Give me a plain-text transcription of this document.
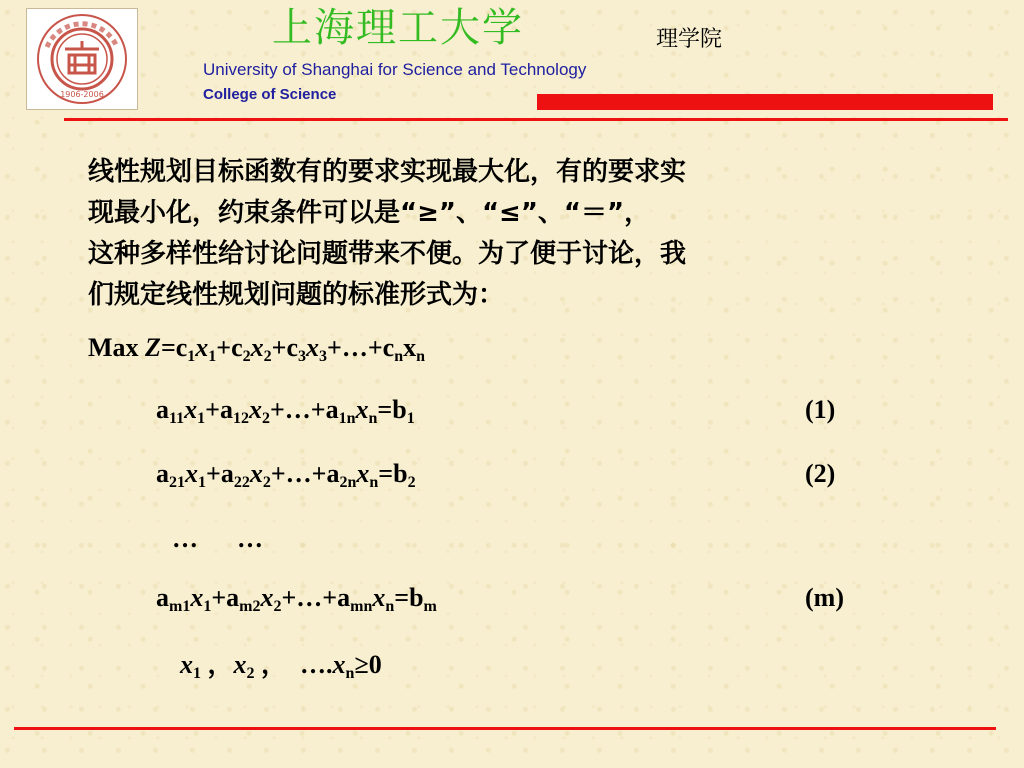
1906-2006
上海理工大学	理学院
University of Shanghai for Science and Technology
College of Science
线性规划目标函数有的要求实现最大化，有的要求实
现最小化，约束条件可以是“≥”、“≤”、“＝”，
这种多样性给讨论问题带来不便。为了便于讨论，我
们规定线性规划问题的标准形式为：
Max $Z=c_1x_1+c_2x_2+c_3x_3+\dots+c_nx_n$
$a_{11}x_1+a_{12}x_2+\dots+a_{1n}x_n=b_1$	(1)
$a_{21}x_1+a_{22}x_2+\dots+a_{2n}x_n=b_2$	(2)
…      …
$a_{m1}x_1+a_{m2}x_2+\dots+a_{mn}x_n=b_m$	(m)
$x_1$ ，$x_2$ ，  $\dots.x_n\ge 0$
